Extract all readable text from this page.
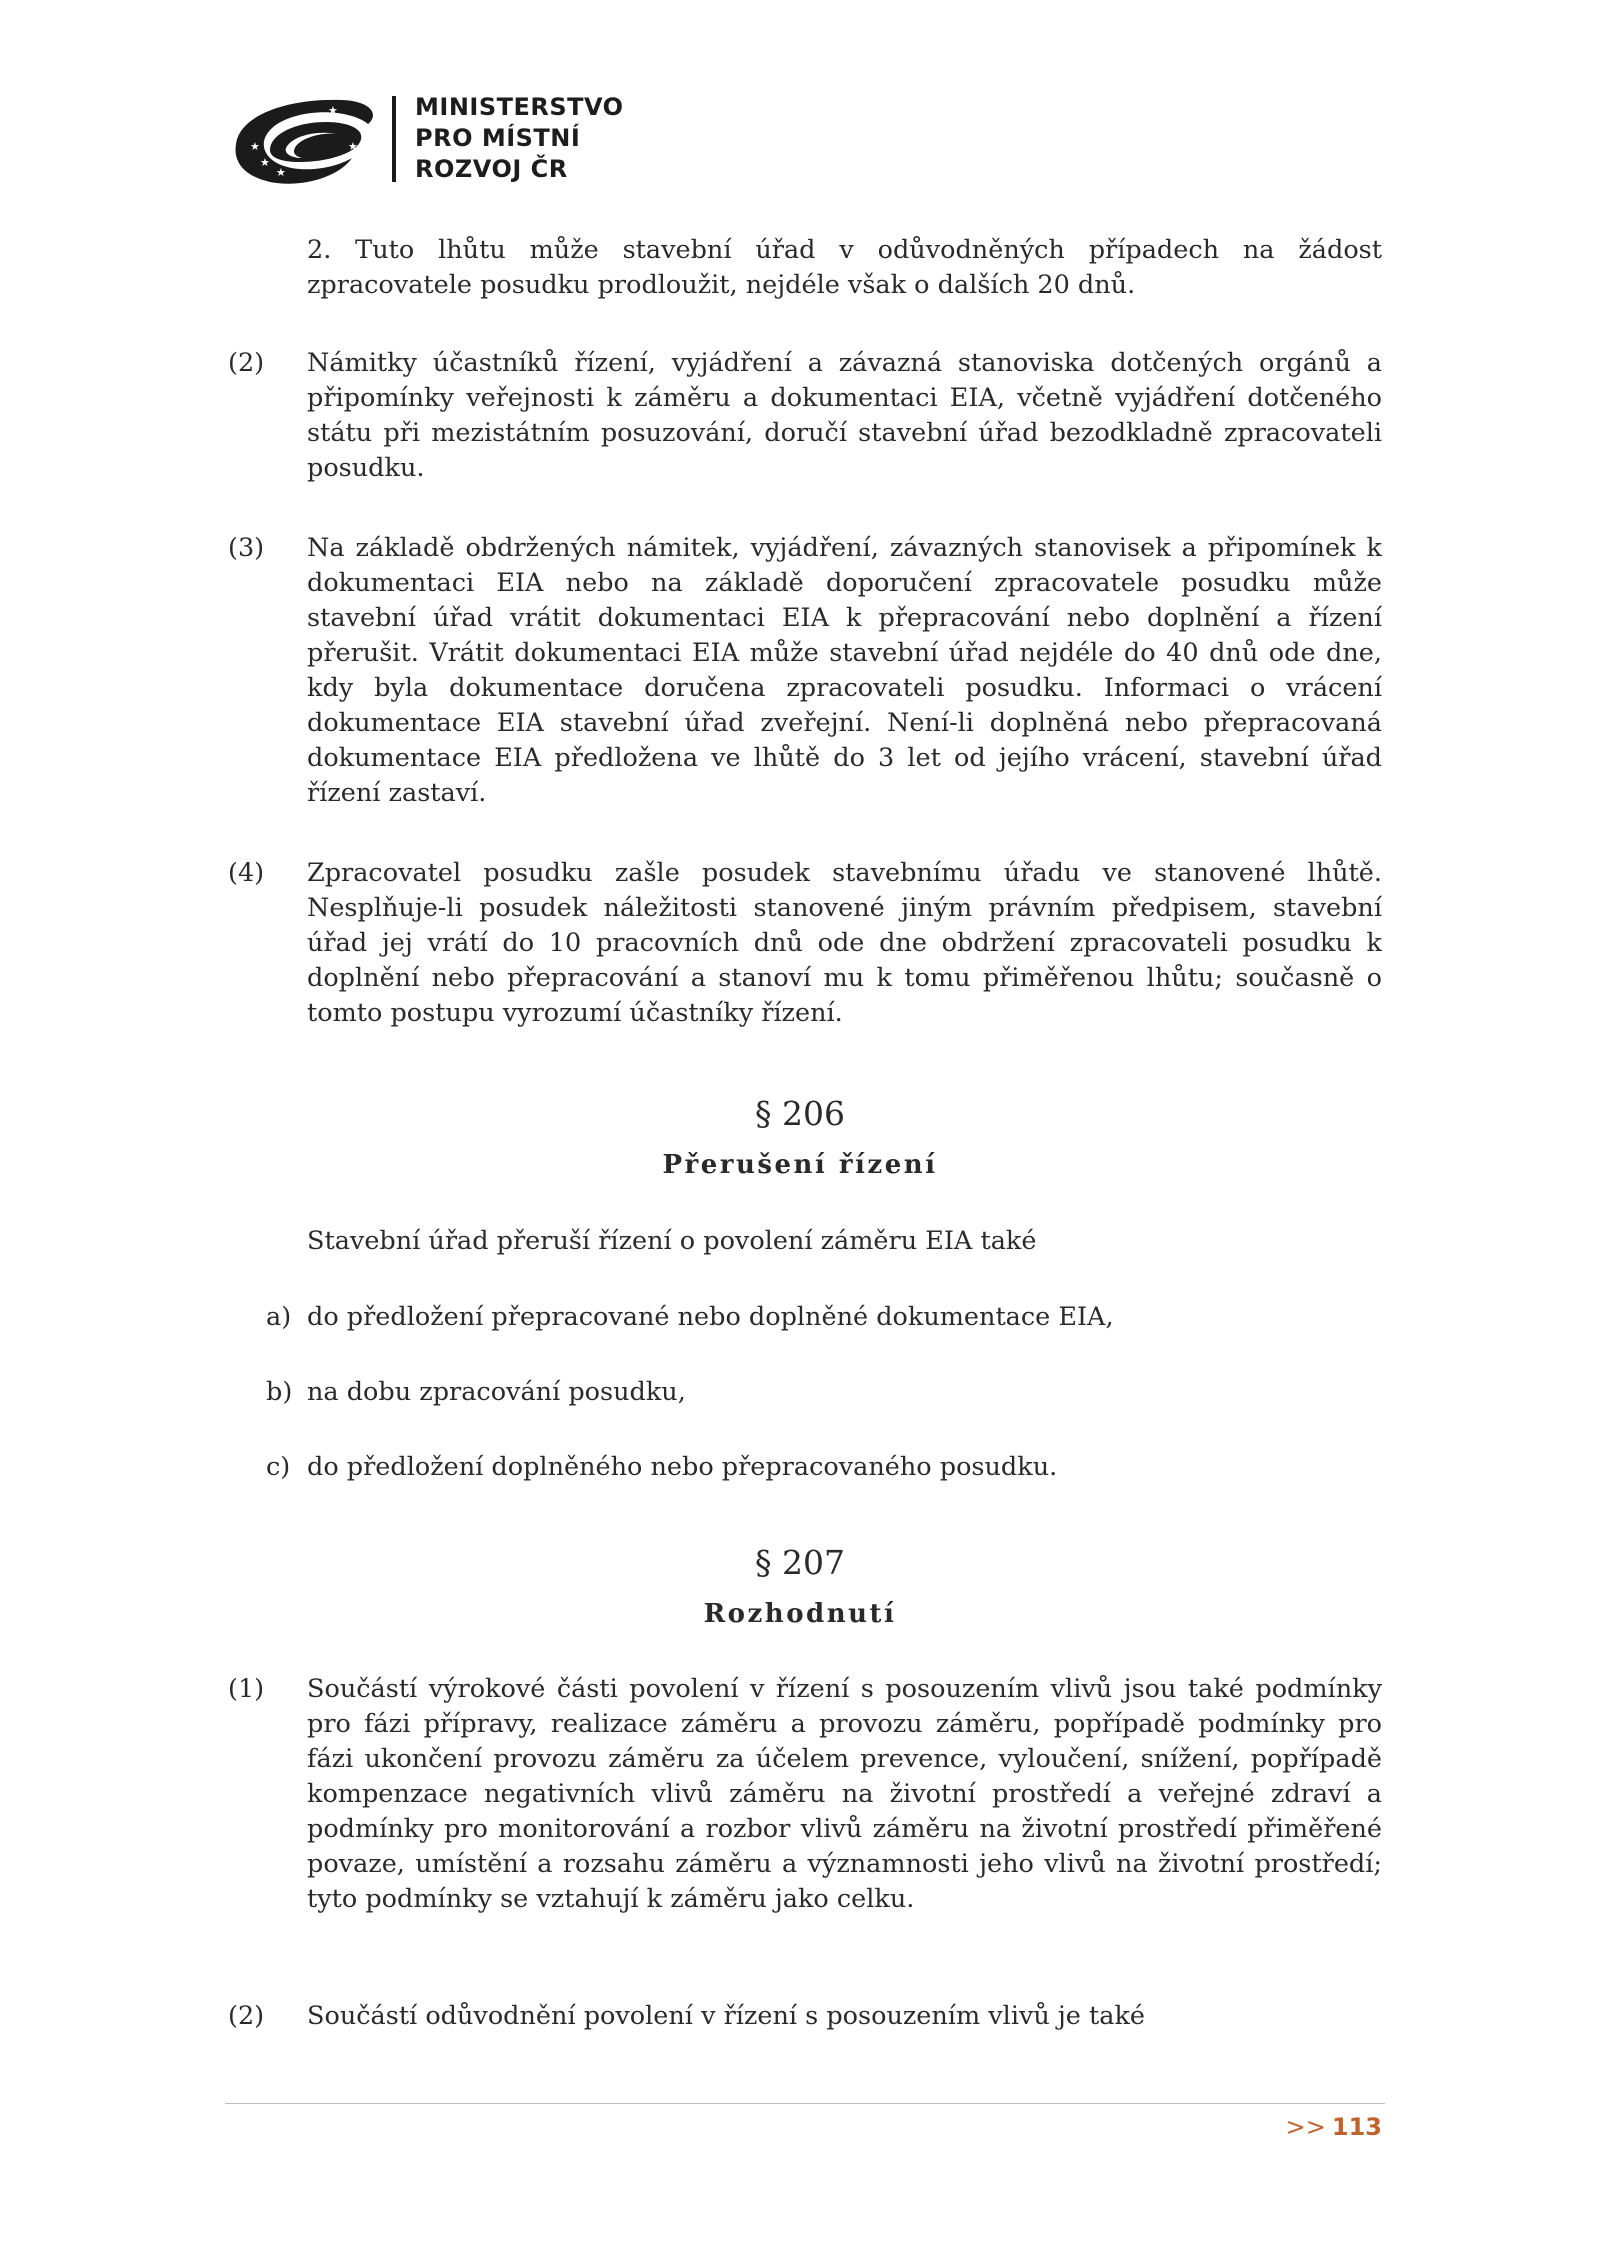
★
★
★
★
★
★	MINISTERSTVO
PRO MÍSTNÍ
ROZVOJ ČR
2. Tuto lhůtu může stavební úřad v odůvodněných případech na žádost zpracovatele posudku prodloužit, nejdéle však o dalších 20 dnů.
(2) Námitky účastníků řízení, vyjádření a závazná stanoviska dotčených orgánů a připomínky veřejnosti k záměru a dokumentaci EIA, včetně vyjádření dotčeného státu při mezistátním posuzování, doručí stavební úřad bezodkladně zpracovateli posudku.
(3) Na základě obdržených námitek, vyjádření, závazných stanovisek a připomínek k dokumentaci EIA nebo na základě doporučení zpracovatele posudku může stavební úřad vrátit dokumentaci EIA k přepracování nebo doplnění a řízení přerušit. Vrátit dokumentaci EIA může stavební úřad nejdéle do 40 dnů ode dne, kdy byla dokumentace doručena zpracovateli posudku. Informaci o vrácení dokumentace EIA stavební úřad zveřejní. Není-li doplněná nebo přepracovaná dokumentace EIA předložena ve lhůtě do 3 let od jejího vrácení, stavební úřad řízení zastaví.
(4) Zpracovatel posudku zašle posudek stavebnímu úřadu ve stanovené lhůtě. Nesplňuje-li posudek náležitosti stanovené jiným právním předpisem, stavební úřad jej vrátí do 10 pracovních dnů ode dne obdržení zpracovateli posudku k doplnění nebo přepracování a stanoví mu k tomu přiměřenou lhůtu; současně o tomto postupu vyrozumí účastníky řízení.
§ 206
Přerušení řízení
Stavební úřad přeruší řízení o povolení záměru EIA také
a) do předložení přepracované nebo doplněné dokumentace EIA,
b) na dobu zpracování posudku,
c) do předložení doplněného nebo přepracovaného posudku.
§ 207
Rozhodnutí
(1) Součástí výrokové části povolení v řízení s posouzením vlivů jsou také podmínky pro fázi přípravy, realizace záměru a provozu záměru, popřípadě podmínky pro fázi ukončení provozu záměru za účelem prevence, vyloučení, snížení, popřípadě kompenzace negativních vlivů záměru na životní prostředí a veřejné zdraví a podmínky pro monitorování a rozbor vlivů záměru na životní prostředí přiměřené povaze, umístění a rozsahu záměru a významnosti jeho vlivů na životní prostředí; tyto podmínky se vztahují k záměru jako celku.
(2) Součástí odůvodnění povolení v řízení s posouzením vlivů je také
>> 113
